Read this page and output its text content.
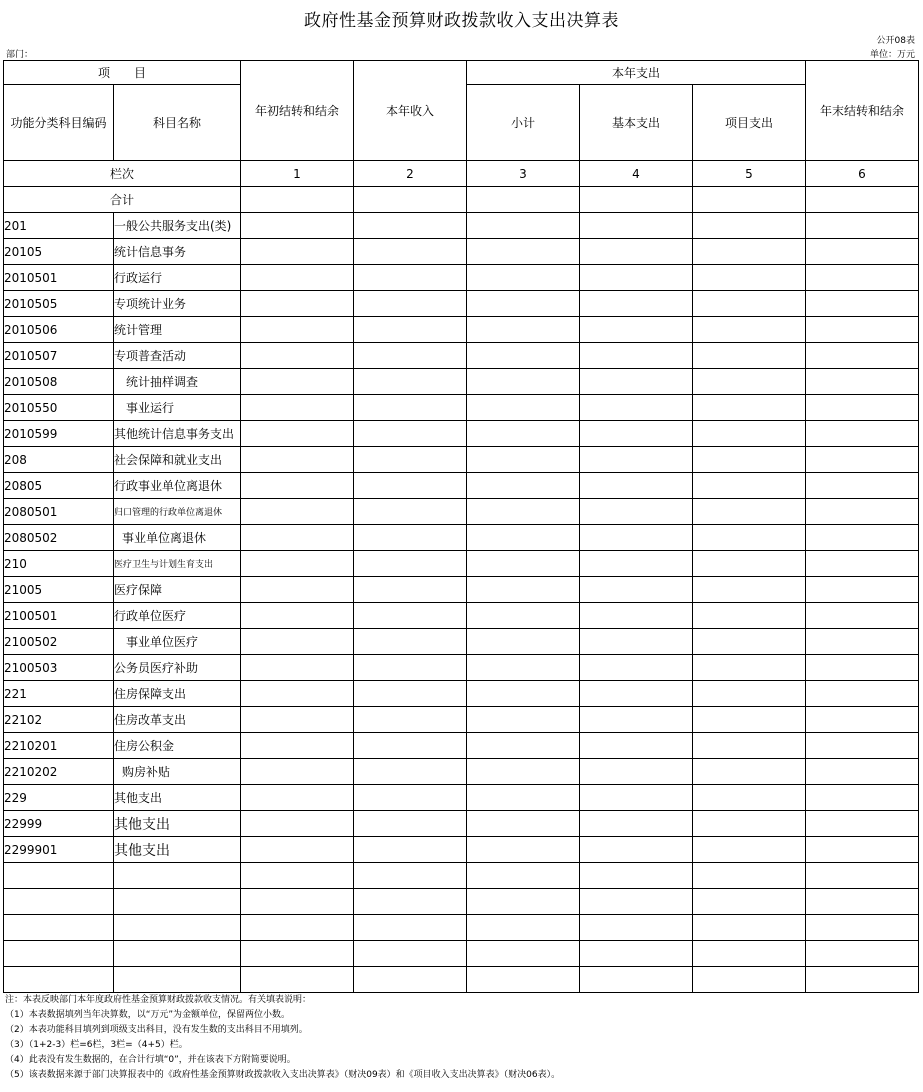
政府性基金预算财政拨款收入支出决算表
公开08表
部门：	单位：万元
项　　目		年初结转和结余	本年收入	本年支出			年末结转和结余
功能分类科目编码	科目名称			小计	基本支出	项目支出	
栏次		1	2	3	4	5	6
合计							
201	一般公共服务支出(类)						
20105	统计信息事务						
2010501	行政运行						
2010505	专项统计业务						
2010506	统计管理						
2010507	专项普查活动						
2010508	统计抽样调查						
2010550	事业运行						
2010599	其他统计信息事务支出						
208	社会保障和就业支出						
20805	行政事业单位离退休						
2080501	归口管理的行政单位离退休						
2080502	事业单位离退休						
210	医疗卫生与计划生育支出						
21005	医疗保障						
2100501	行政单位医疗						
2100502	事业单位医疗						
2100503	公务员医疗补助						
221	住房保障支出						
22102	住房改革支出						
2210201	住房公积金						
2210202	购房补贴						
229	其他支出						
22999	其他支出						
2299901	其他支出						

注：本表反映部门本年度政府性基金预算财政拨款收支情况。有关填表说明：
（1）本表数据填列当年决算数，以“万元”为金额单位，保留两位小数。
（2）本表功能科目填列到项级支出科目，没有发生数的支出科目不用填列。
（3）（1+2-3）栏=6栏，3栏=（4+5）栏。
（4）此表没有发生数据的，在合计行填“0”，并在该表下方附简要说明。
（5）该表数据来源于部门决算报表中的《政府性基金预算财政拨款收入支出决算表》（财决09表）和《项目收入支出决算表》（财决06表）。
